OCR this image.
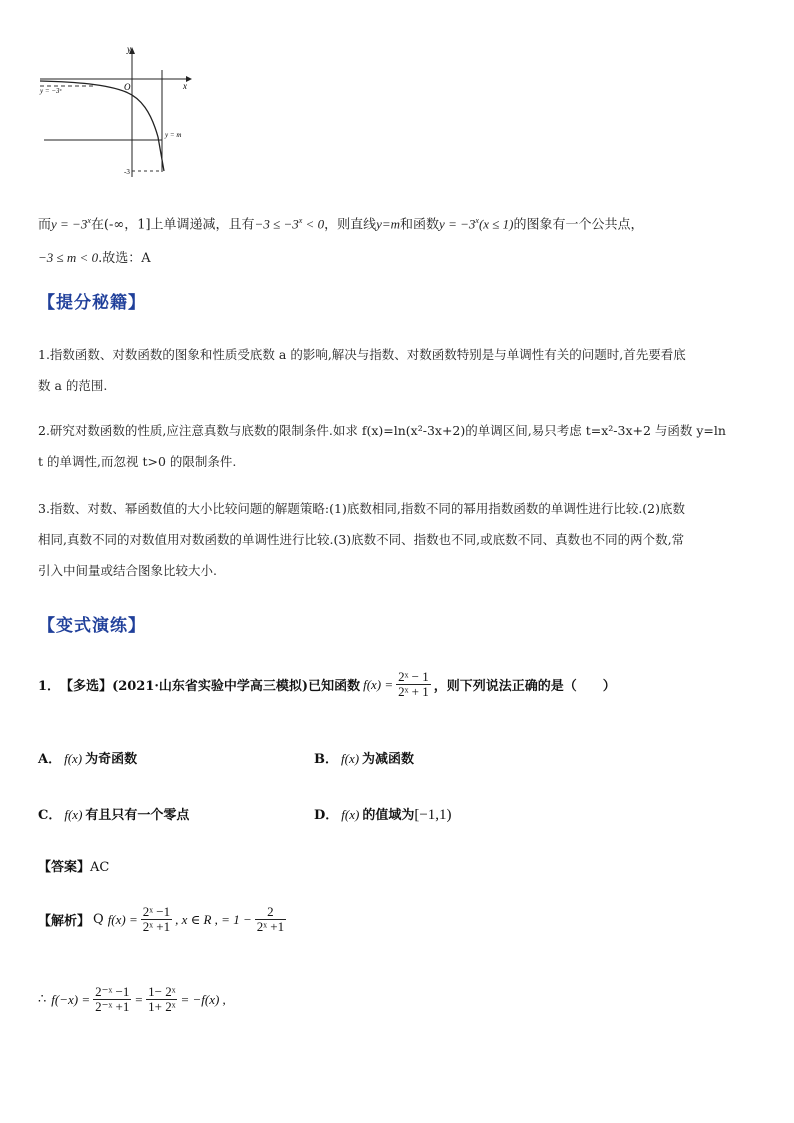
y
x
O
y = −3ˣ
y = m
-3
而$y = -3^x$在(-∞，1]上单调递减，且有$-3 \le -3^x < 0$，则直线y=m和函数$y = -3^x(x \le 1)$的图象有一个公共点，
−3 ≤ m < 0.故选：A
【提分秘籍】
1.指数函数、对数函数的图象和性质受底数 a 的影响,解决与指数、对数函数特别是与单调性有关的问题时,首先要看底
数 a 的范围.
2.研究对数函数的性质,应注意真数与底数的限制条件.如求 f(x)=ln(x²-3x+2)的单调区间,易只考虑 t=x²-3x+2 与函数 y=ln
t 的单调性,而忽视 t>0 的限制条件.
3.指数、对数、幂函数值的大小比较问题的解题策略:(1)底数相同,指数不同的幂用指数函数的单调性进行比较.(2)底数
相同,真数不同的对数值用对数函数的单调性进行比较.(3)底数不同、指数也不同,或底数不同、真数也不同的两个数,常
引入中间量或结合图象比较大小.
【变式演练】
1． 【多选】 (2021·山东省实验中学高三模拟) 已知函数 $f(x) = \frac{\text{2ˣ − 1}}{\text{2ˣ + 1}}$ ，则下列说法正确的是（　　）
A． f(x) 为奇函数	B． f(x) 为减函数
C． f(x) 有且只有一个零点	D． f(x) 的值域为[−1,1)
【答案】AC
【解析】 Q $f(x) = \frac{\text{2ˣ −1}}{\text{2ˣ +1}}$ , x ∈ R , = $1 - \frac{2}{\text{2ˣ +1}}$
∴ $f(-x) = \frac{\text{2⁻ˣ −1}}{\text{2⁻ˣ +1}} = \frac{\text{1− 2ˣ}}{\text{1+ 2ˣ}} = -f(x)$ ,
